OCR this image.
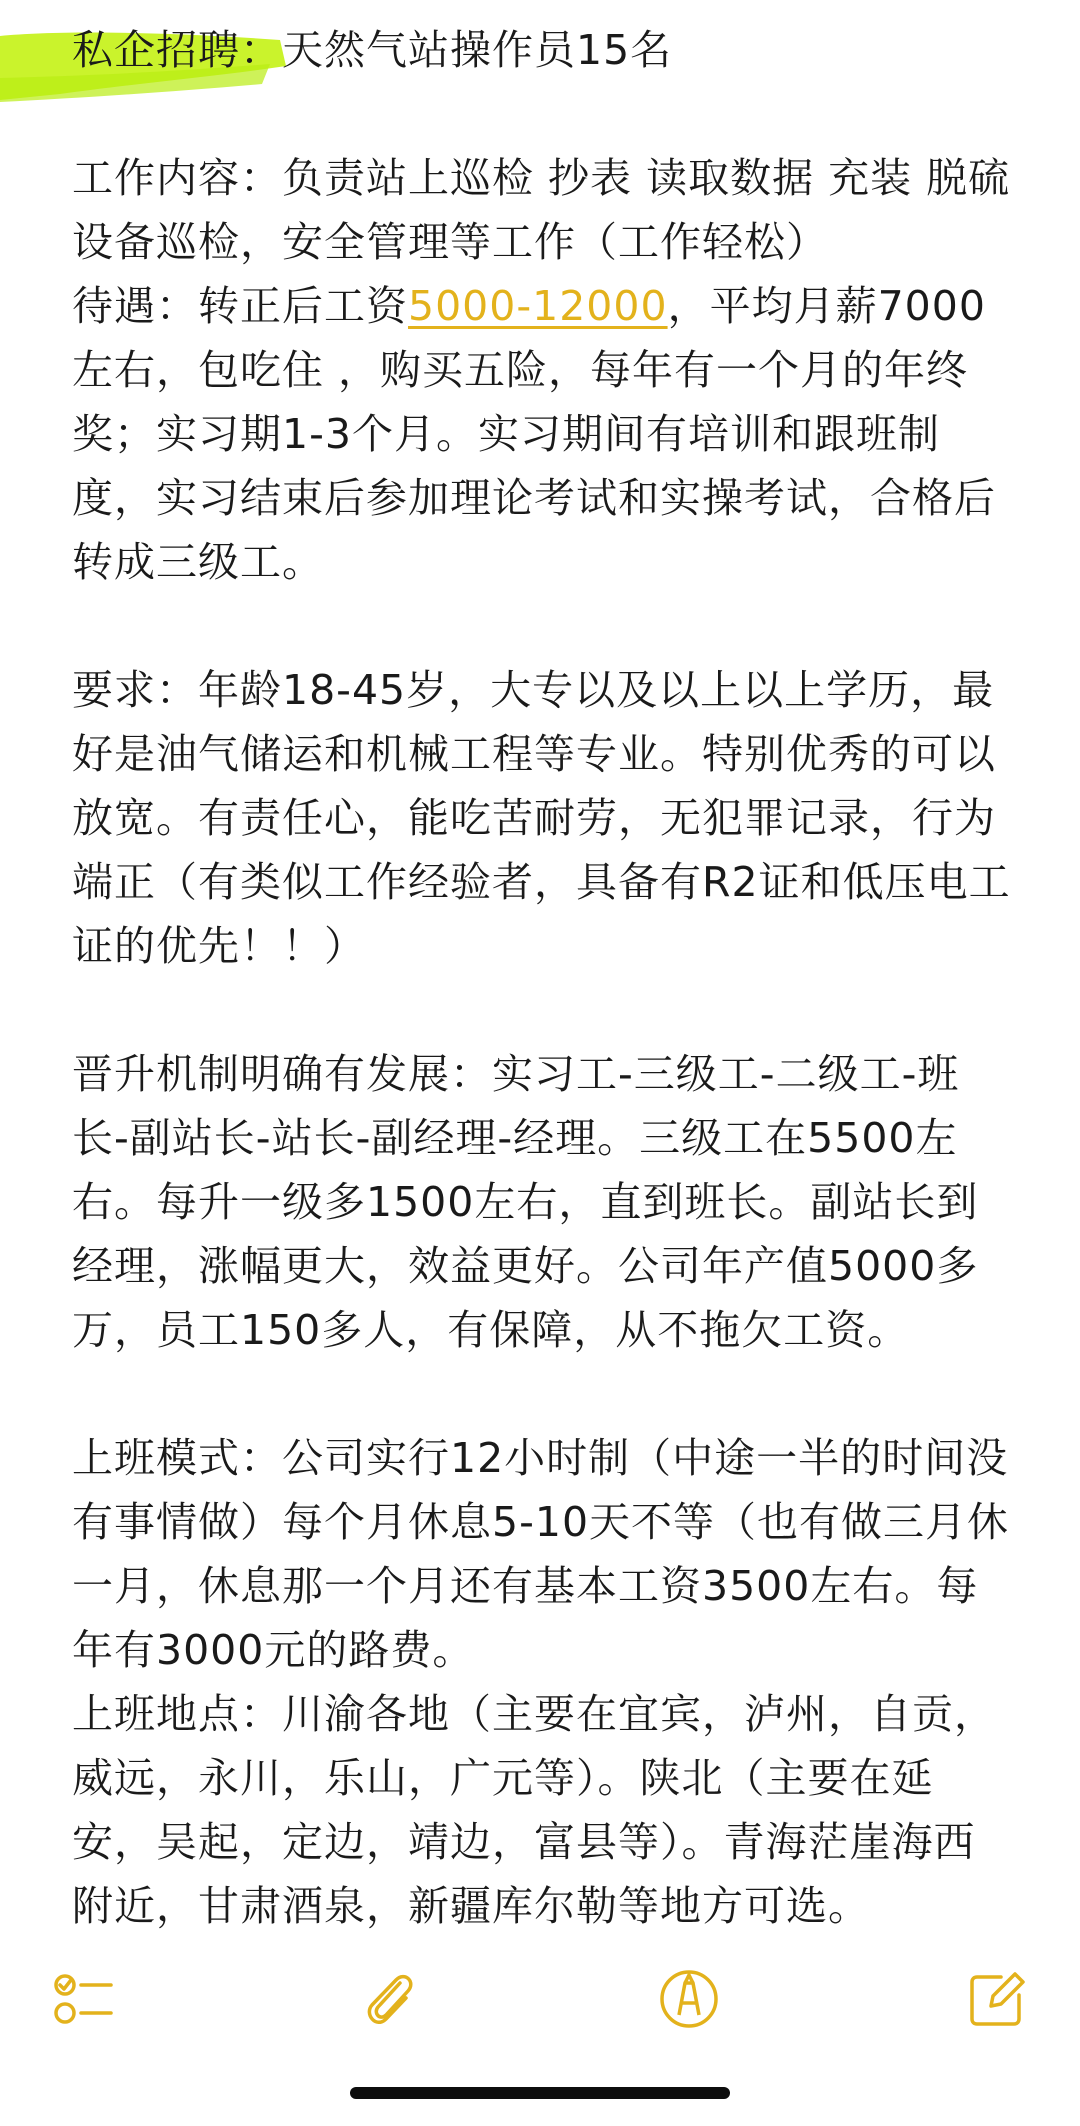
私企招聘：天然气站操作员15名

工作内容：负责站上巡检 抄表 读取数据 充装 脱硫设备巡检，安全管理等工作（工作轻松）

待遇：转正后工资5000-12000，平均月薪7000左右，包吃住 ，购买五险，每年有一个月的年终奖；实习期1-3个月。实习期间有培训和跟班制度，实习结束后参加理论考试和实操考试，合格后转成三级工。

要求：年龄18-45岁，大专以及以上以上学历，最好是油气储运和机械工程等专业。特别优秀的可以放宽。有责任心，能吃苦耐劳，无犯罪记录，行为端正（有类似工作经验者，具备有R2证和低压电工证的优先！！）

晋升机制明确有发展：实习工-三级工-二级工-班长-副站长-站长-副经理-经理。三级工在5500左右。每升一级多1500左右，直到班长。副站长到经理，涨幅更大，效益更好。公司年产值5000多万，员工150多人，有保障，从不拖欠工资。

上班模式：公司实行12小时制（中途一半的时间没有事情做）每个月休息5-10天不等（也有做三月休一月，休息那一个月还有基本工资3500左右。每年有3000元的路费。

上班地点：川渝各地（主要在宜宾，泸州，自贡，威远，永川，乐山，广元等）。陕北（主要在延安，吴起，定边，靖边，富县等）。青海茫崖海西附近，甘肃酒泉，新疆库尔勒等地方可选。
